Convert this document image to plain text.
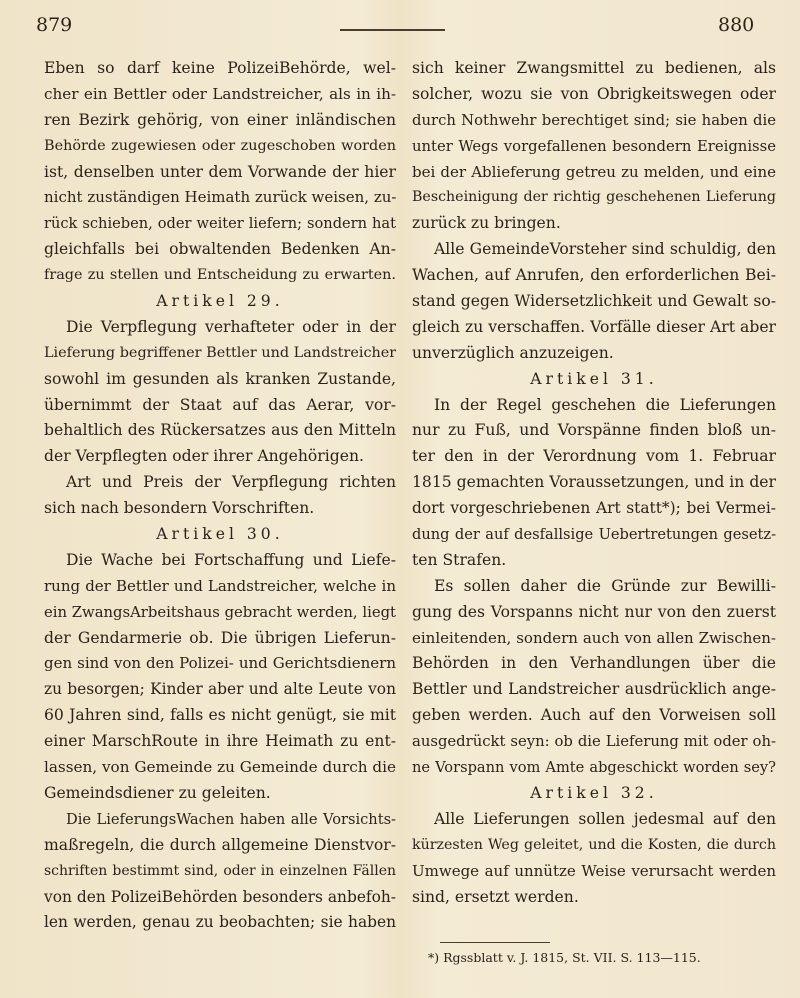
879	880
Eben so darf keine PolizeiBehörde, wel-
cher ein Bettler oder Landstreicher, als in ih-
ren Bezirk gehörig, von einer inländischen
Behörde zugewiesen oder zugeschoben worden
ist, denselben unter dem Vorwande der hier
nicht zuständigen Heimath zurück weisen, zu-
rück schieben, oder weiter liefern; sondern hat
gleichfalls bei obwaltenden Bedenken An-
frage zu stellen und Entscheidung zu erwarten.
Artikel 29.
Die Verpflegung verhafteter oder in der
Lieferung begriffener Bettler und Landstreicher
sowohl im gesunden als kranken Zustande,
übernimmt der Staat auf das Aerar, vor-
behaltlich des Rückersatzes aus den Mitteln
der Verpflegten oder ihrer Angehörigen.
Art und Preis der Verpflegung richten
sich nach besondern Vorschriften.
Artikel 30.
Die Wache bei Fortschaffung und Liefe-
rung der Bettler und Landstreicher, welche in
ein ZwangsArbeitshaus gebracht werden, liegt
der Gendarmerie ob. Die übrigen Lieferun-
gen sind von den Polizei- und Gerichtsdienern
zu besorgen; Kinder aber und alte Leute von
60 Jahren sind, falls es nicht genügt, sie mit
einer MarschRoute in ihre Heimath zu ent-
lassen, von Gemeinde zu Gemeinde durch die
Gemeindsdiener zu geleiten.
Die LieferungsWachen haben alle Vorsichts-
maßregeln, die durch allgemeine Dienstvor-
schriften bestimmt sind, oder in einzelnen Fällen
von den PolizeiBehörden besonders anbefoh-
len werden, genau zu beobachten; sie haben
sich keiner Zwangsmittel zu bedienen, als
solcher, wozu sie von Obrigkeitswegen oder
durch Nothwehr berechtiget sind; sie haben die
unter Wegs vorgefallenen besondern Ereignisse
bei der Ablieferung getreu zu melden, und eine
Bescheinigung der richtig geschehenen Lieferung
zurück zu bringen.
Alle GemeindeVorsteher sind schuldig, den
Wachen, auf Anrufen, den erforderlichen Bei-
stand gegen Widersetzlichkeit und Gewalt so-
gleich zu verschaffen. Vorfälle dieser Art aber
unverzüglich anzuzeigen.
Artikel 31.
In der Regel geschehen die Lieferungen
nur zu Fuß, und Vorspänne finden bloß un-
ter den in der Verordnung vom 1. Februar
1815 gemachten Voraussetzungen, und in der
dort vorgeschriebenen Art statt*); bei Vermei-
dung der auf desfallsige Uebertretungen gesetz-
ten Strafen.
Es sollen daher die Gründe zur Bewilli-
gung des Vorspanns nicht nur von den zuerst
einleitenden, sondern auch von allen Zwischen-
Behörden in den Verhandlungen über die
Bettler und Landstreicher ausdrücklich ange-
geben werden. Auch auf den Vorweisen soll
ausgedrückt seyn: ob die Lieferung mit oder oh-
ne Vorspann vom Amte abgeschickt worden sey?
Artikel 32.
Alle Lieferungen sollen jedesmal auf den
kürzesten Weg geleitet, und die Kosten, die durch
Umwege auf unnütze Weise verursacht werden
sind, ersetzt werden.
*) Rgssblatt v. J. 1815, St. VII. S. 113—115.
